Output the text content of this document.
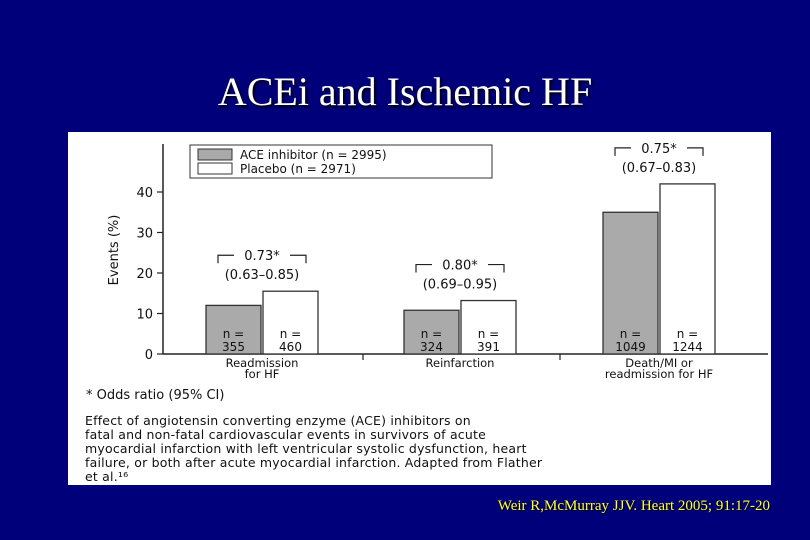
ACEi and Ischemic HF
0
10
20
30
40
Events (%)
ACE inhibitor (n = 2995)
Placebo (n = 2971)
n =
355
n =
460
0.73*
(0.63–0.85)
Readmission
for HF
n =
324
n =
391
0.80*
(0.69–0.95)
Reinfarction
n =
1049
n =
1244
0.75*
(0.67–0.83)
Death/MI or
readmission for HF
* Odds ratio (95% CI)

Effect of angiotensin converting enzyme (ACE) inhibitors on

fatal and non-fatal cardiovascular events in survivors of acute

myocardial infarction with left ventricular systolic dysfunction, heart

failure, or both after acute myocardial infarction. Adapted from Flather

et al.¹⁶

Weir R,McMurray JJV. Heart 2005; 91:17-20
